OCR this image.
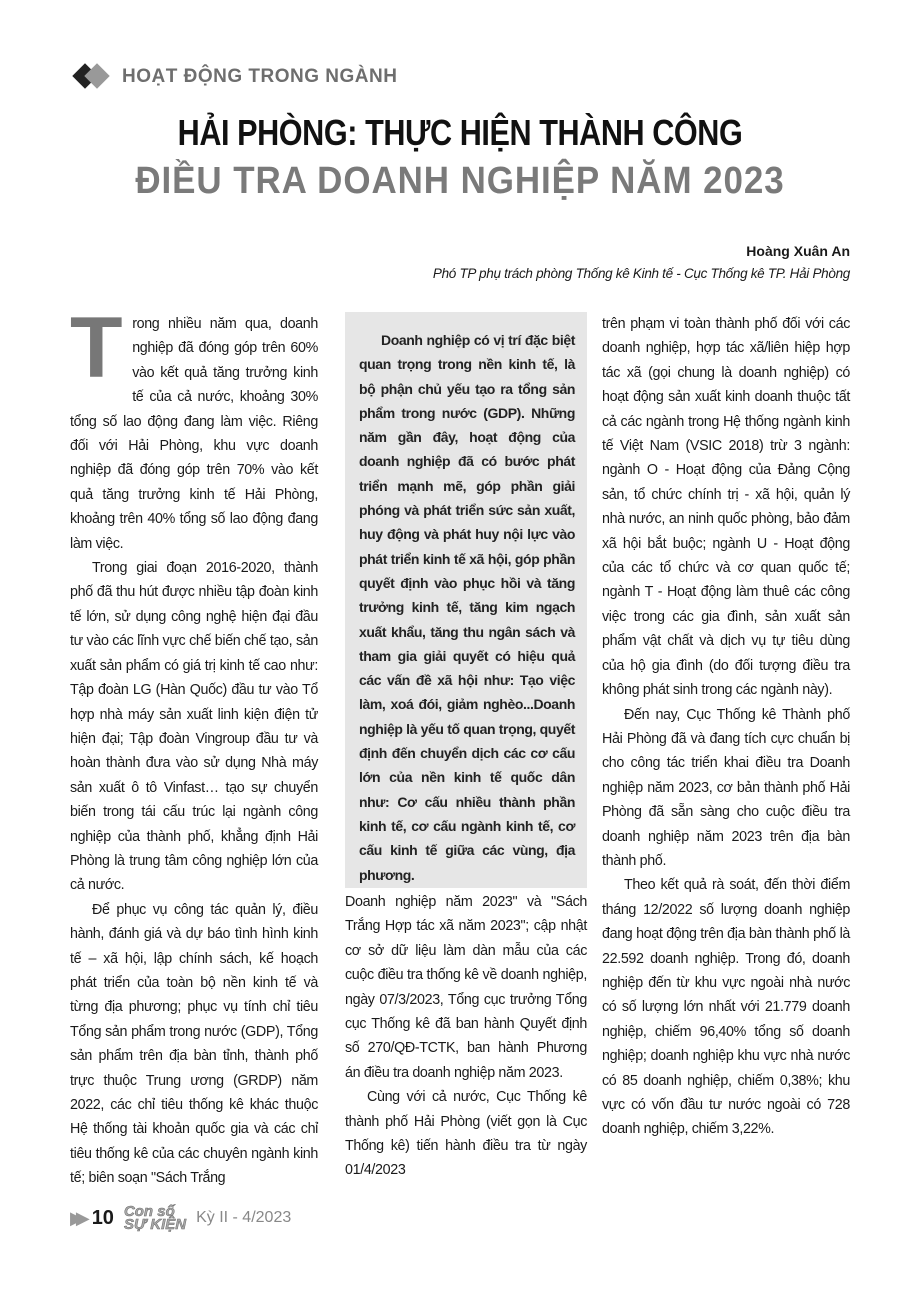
HOẠT ĐỘNG TRONG NGÀNH
HẢI PHÒNG: THỰC HIỆN THÀNH CÔNG
ĐIỀU TRA DOANH NGHIỆP NĂM 2023
Hoàng Xuân An
Phó TP phụ trách phòng Thống kê Kinh tế - Cục Thống kê TP. Hải Phòng
T rong nhiều năm qua, doanh nghiệp đã đóng góp trên 60% vào kết quả tăng trưởng kinh tế của cả nước, khoảng 30% tổng số lao động đang làm việc. Riêng đối với Hải Phòng, khu vực doanh nghiệp đã đóng góp trên 70% vào kết quả tăng trưởng kinh tế Hải Phòng, khoảng trên 40% tổng số lao động đang làm việc.

Trong giai đoạn 2016-2020, thành phố đã thu hút được nhiều tập đoàn kinh tế lớn, sử dụng công nghệ hiện đại đầu tư vào các lĩnh vực chế biến chế tạo, sản xuất sản phẩm có giá trị kinh tế cao như: Tập đoàn LG (Hàn Quốc) đầu tư vào Tổ hợp nhà máy sản xuất linh kiện điện tử hiện đại; Tập đoàn Vingroup đầu tư và hoàn thành đưa vào sử dụng Nhà máy sản xuất ô tô Vinfast… tạo sự chuyển biến trong tái cấu trúc lại ngành công nghiệp của thành phố, khẳng định Hải Phòng là trung tâm công nghiệp lớn của cả nước.

Để phục vụ công tác quản lý, điều hành, đánh giá và dự báo tình hình kinh tế – xã hội, lập chính sách, kế hoạch phát triển của toàn bộ nền kinh tế và từng địa phương; phục vụ tính chỉ tiêu Tổng sản phẩm trong nước (GDP), Tổng sản phẩm trên địa bàn tỉnh, thành phố trực thuộc Trung ương (GRDP) năm 2022, các chỉ tiêu thống kê khác thuộc Hệ thống tài khoản quốc gia và các chỉ tiêu thống kê của các chuyên ngành kinh tế; biên soạn "Sách Trắng

Doanh nghiệp có vị trí đặc biệt quan trọng trong nền kinh tế, là bộ phận chủ yếu tạo ra tổng sản phẩm trong nước (GDP). Những năm gần đây, hoạt động của doanh nghiệp đã có bước phát triển mạnh mẽ, góp phần giải phóng và phát triển sức sản xuất, huy động và phát huy nội lực vào phát triển kinh tế xã hội, góp phần quyết định vào phục hồi và tăng trưởng kinh tế, tăng kim ngạch xuất khẩu, tăng thu ngân sách và tham gia giải quyết có hiệu quả các vấn đề xã hội như: Tạo việc làm, xoá đói, giảm nghèo...Doanh nghiệp là yếu tố quan trọng, quyết định đến chuyển dịch các cơ cấu lớn của nền kinh tế quốc dân như: Cơ cấu nhiều thành phần kinh tế, cơ cấu ngành kinh tế, cơ cấu kinh tế giữa các vùng, địa phương.

Doanh nghiệp năm 2023" và "Sách Trắng Hợp tác xã năm 2023"; cập nhật cơ sở dữ liệu làm dàn mẫu của các cuộc điều tra thống kê về doanh nghiệp, ngày 07/3/2023, Tổng cục trưởng Tổng cục Thống kê đã ban hành Quyết định số 270/QĐ-TCTK, ban hành Phương án điều tra doanh nghiệp năm 2023.

Cùng với cả nước, Cục Thống kê thành phố Hải Phòng (viết gọn là Cục Thống kê) tiến hành điều tra từ ngày 01/4/2023

trên phạm vi toàn thành phố đối với các doanh nghiệp, hợp tác xã/liên hiệp hợp tác xã (gọi chung là doanh nghiệp) có hoạt động sản xuất kinh doanh thuộc tất cả các ngành trong Hệ thống ngành kinh tế Việt Nam (VSIC 2018) trừ 3 ngành: ngành O - Hoạt động của Đảng Cộng sản, tổ chức chính trị - xã hội, quản lý nhà nước, an ninh quốc phòng, bảo đảm xã hội bắt buộc; ngành U - Hoạt động của các tổ chức và cơ quan quốc tế; ngành T - Hoạt động làm thuê các công việc trong các gia đình, sản xuất sản phẩm vật chất và dịch vụ tự tiêu dùng của hộ gia đình (do đối tượng điều tra không phát sinh trong các ngành này).

Đến nay, Cục Thống kê Thành phố Hải Phòng đã và đang tích cực chuẩn bị cho công tác triển khai điều tra Doanh nghiệp năm 2023, cơ bản thành phố Hải Phòng đã sẵn sàng cho cuộc điều tra doanh nghiệp năm 2023 trên địa bàn thành phố.

Theo kết quả rà soát, đến thời điểm tháng 12/2022 số lượng doanh nghiệp đang hoạt động trên địa bàn thành phố là 22.592 doanh nghiệp. Trong đó, doanh nghiệp đến từ khu vực ngoài nhà nước có số lượng lớn nhất với 21.779 doanh nghiệp, chiếm 96,40% tổng số doanh nghiệp; doanh nghiệp khu vực nhà nước có 85 doanh nghiệp, chiếm 0,38%; khu vực có vốn đầu tư nước ngoài có 728 doanh nghiệp, chiếm 3,22%.

▶▶ 10 Con số
SỰ KIỆN Kỳ II - 4/2023
